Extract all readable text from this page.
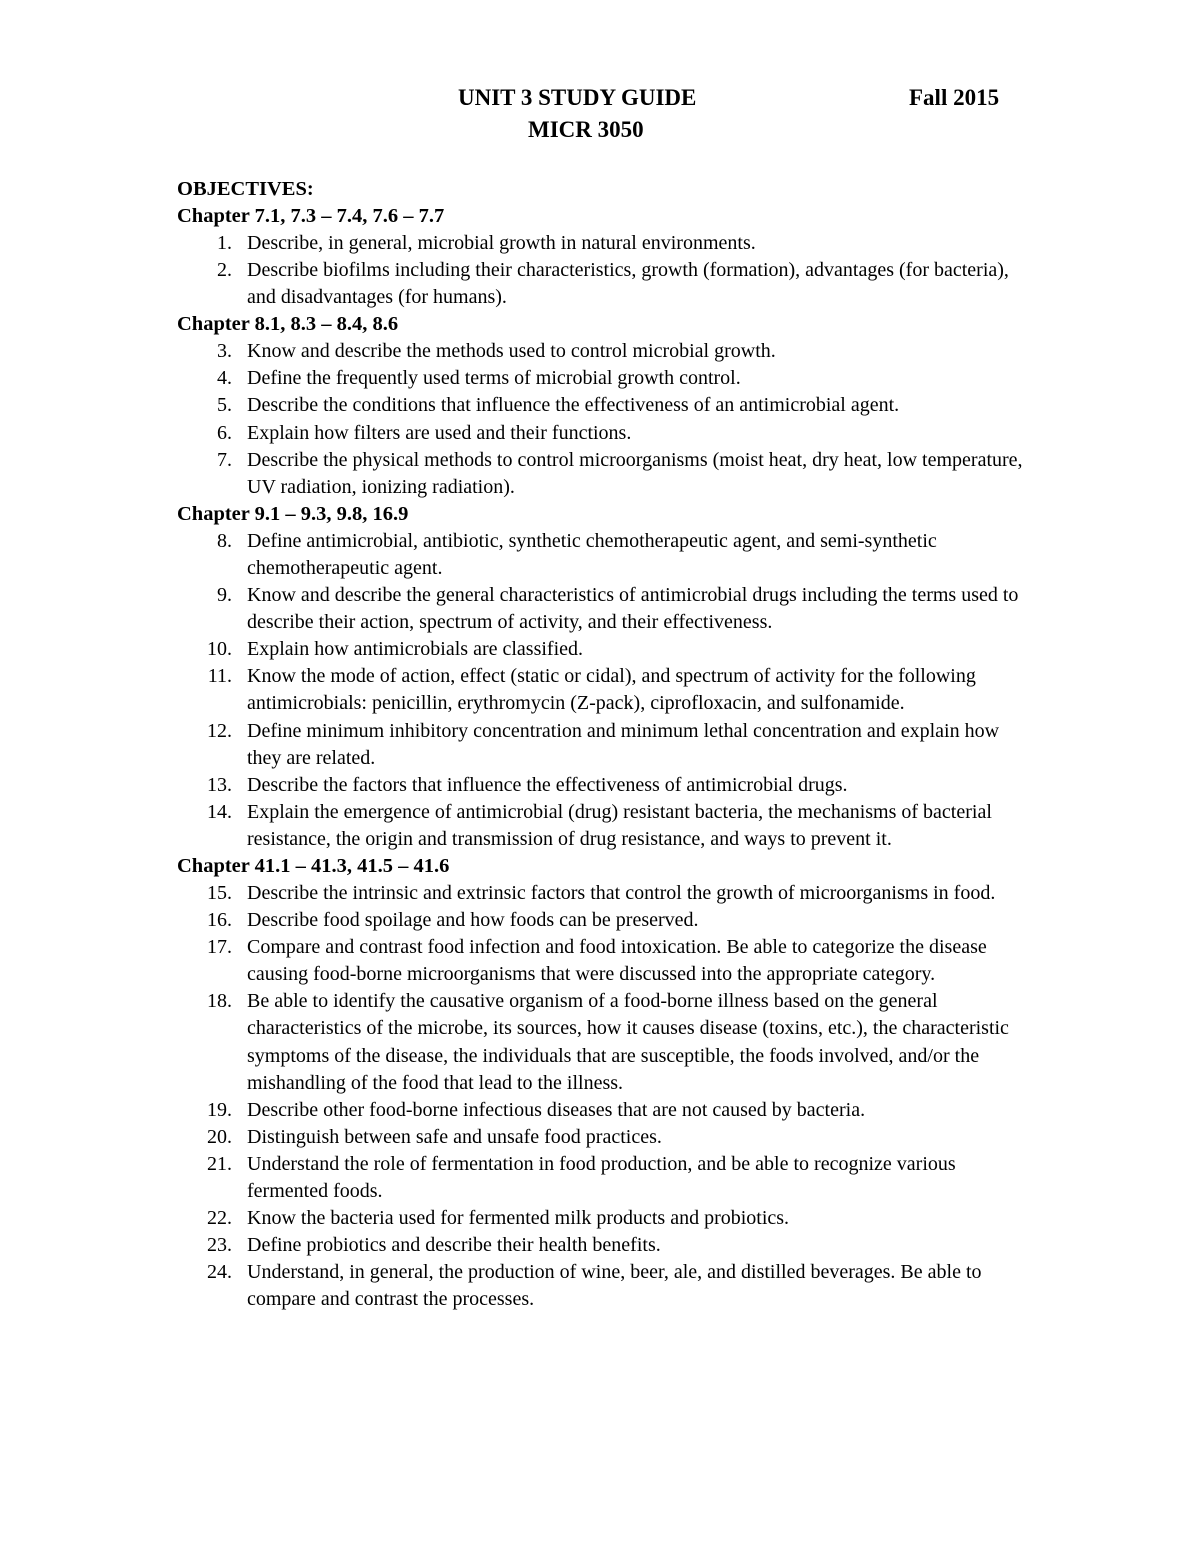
UNIT 3 STUDY GUIDE	Fall 2015
MICR 3050
OBJECTIVES:
Chapter 7.1, 7.3 – 7.4, 7.6 – 7.7
1. Describe, in general, microbial growth in natural environments.
2. Describe biofilms including their characteristics, growth (formation), advantages (for bacteria), and disadvantages (for humans).
Chapter 8.1, 8.3 – 8.4, 8.6
3. Know and describe the methods used to control microbial growth.
4. Define the frequently used terms of microbial growth control.
5. Describe the conditions that influence the effectiveness of an antimicrobial agent.
6. Explain how filters are used and their functions.
7. Describe the physical methods to control microorganisms (moist heat, dry heat, low temperature, UV radiation, ionizing radiation).
Chapter 9.1 – 9.3, 9.8, 16.9
8. Define antimicrobial, antibiotic, synthetic chemotherapeutic agent, and semi-synthetic chemotherapeutic agent.
9. Know and describe the general characteristics of antimicrobial drugs including the terms used to describe their action, spectrum of activity, and their effectiveness.
10. Explain how antimicrobials are classified.
11. Know the mode of action, effect (static or cidal), and spectrum of activity for the following antimicrobials: penicillin, erythromycin (Z-pack), ciprofloxacin, and sulfonamide.
12. Define minimum inhibitory concentration and minimum lethal concentration and explain how they are related.
13. Describe the factors that influence the effectiveness of antimicrobial drugs.
14. Explain the emergence of antimicrobial (drug) resistant bacteria, the mechanisms of bacterial resistance, the origin and transmission of drug resistance, and ways to prevent it.
Chapter 41.1 – 41.3, 41.5 – 41.6
15. Describe the intrinsic and extrinsic factors that control the growth of microorganisms in food.
16. Describe food spoilage and how foods can be preserved.
17. Compare and contrast food infection and food intoxication. Be able to categorize the disease causing food-borne microorganisms that were discussed into the appropriate category.
18. Be able to identify the causative organism of a food-borne illness based on the general characteristics of the microbe, its sources, how it causes disease (toxins, etc.), the characteristic symptoms of the disease, the individuals that are susceptible, the foods involved, and/or the mishandling of the food that lead to the illness.
19. Describe other food-borne infectious diseases that are not caused by bacteria.
20. Distinguish between safe and unsafe food practices.
21. Understand the role of fermentation in food production, and be able to recognize various fermented foods.
22. Know the bacteria used for fermented milk products and probiotics.
23. Define probiotics and describe their health benefits.
24. Understand, in general, the production of wine, beer, ale, and distilled beverages. Be able to compare and contrast the processes.
